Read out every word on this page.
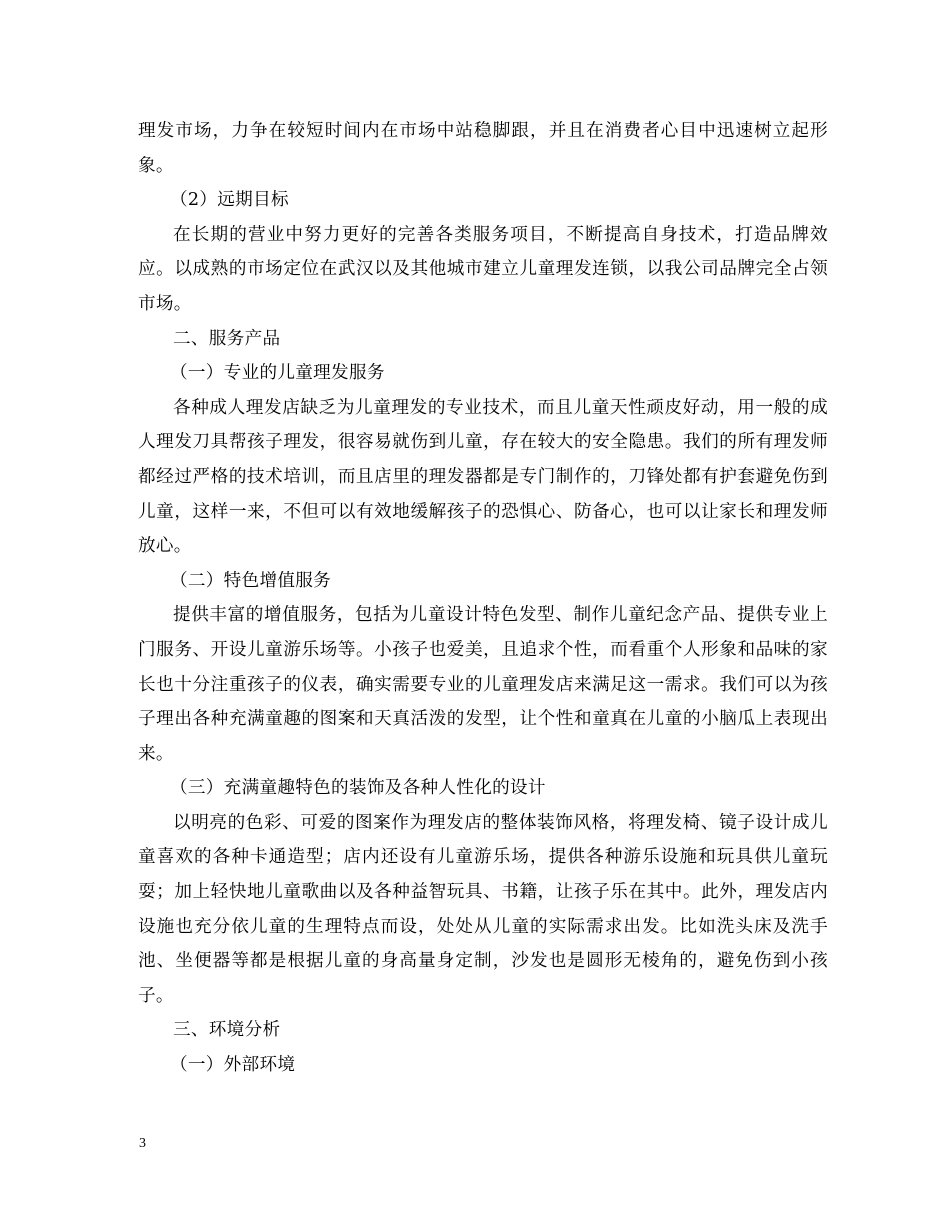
理发市场，力争在较短时间内在市场中站稳脚跟，并且在消费者心目中迅速树立起形象。

（2）远期目标

在长期的营业中努力更好的完善各类服务项目，不断提高自身技术，打造品牌效应。以成熟的市场定位在武汉以及其他城市建立儿童理发连锁，以我公司品牌完全占领市场。

二、服务产品

（一）专业的儿童理发服务

各种成人理发店缺乏为儿童理发的专业技术，而且儿童天性顽皮好动，用一般的成人理发刀具帮孩子理发，很容易就伤到儿童，存在较大的安全隐患。我们的所有理发师都经过严格的技术培训，而且店里的理发器都是专门制作的，刀锋处都有护套避免伤到儿童，这样一来，不但可以有效地缓解孩子的恐惧心、防备心，也可以让家长和理发师放心。

（二）特色增值服务

提供丰富的增值服务，包括为儿童设计特色发型、制作儿童纪念产品、提供专业上门服务、开设儿童游乐场等。小孩子也爱美，且追求个性，而看重个人形象和品味的家长也十分注重孩子的仪表，确实需要专业的儿童理发店来满足这一需求。我们可以为孩子理出各种充满童趣的图案和天真活泼的发型，让个性和童真在儿童的小脑瓜上表现出来。

（三）充满童趣特色的装饰及各种人性化的设计

以明亮的色彩、可爱的图案作为理发店的整体装饰风格，将理发椅、镜子设计成儿童喜欢的各种卡通造型；店内还设有儿童游乐场，提供各种游乐设施和玩具供儿童玩耍；加上轻快地儿童歌曲以及各种益智玩具、书籍，让孩子乐在其中。此外，理发店内设施也充分依儿童的生理特点而设，处处从儿童的实际需求出发。比如洗头床及洗手池、坐便器等都是根据儿童的身高量身定制，沙发也是圆形无棱角的，避免伤到小孩子。

三、环境分析

（一）外部环境

3
